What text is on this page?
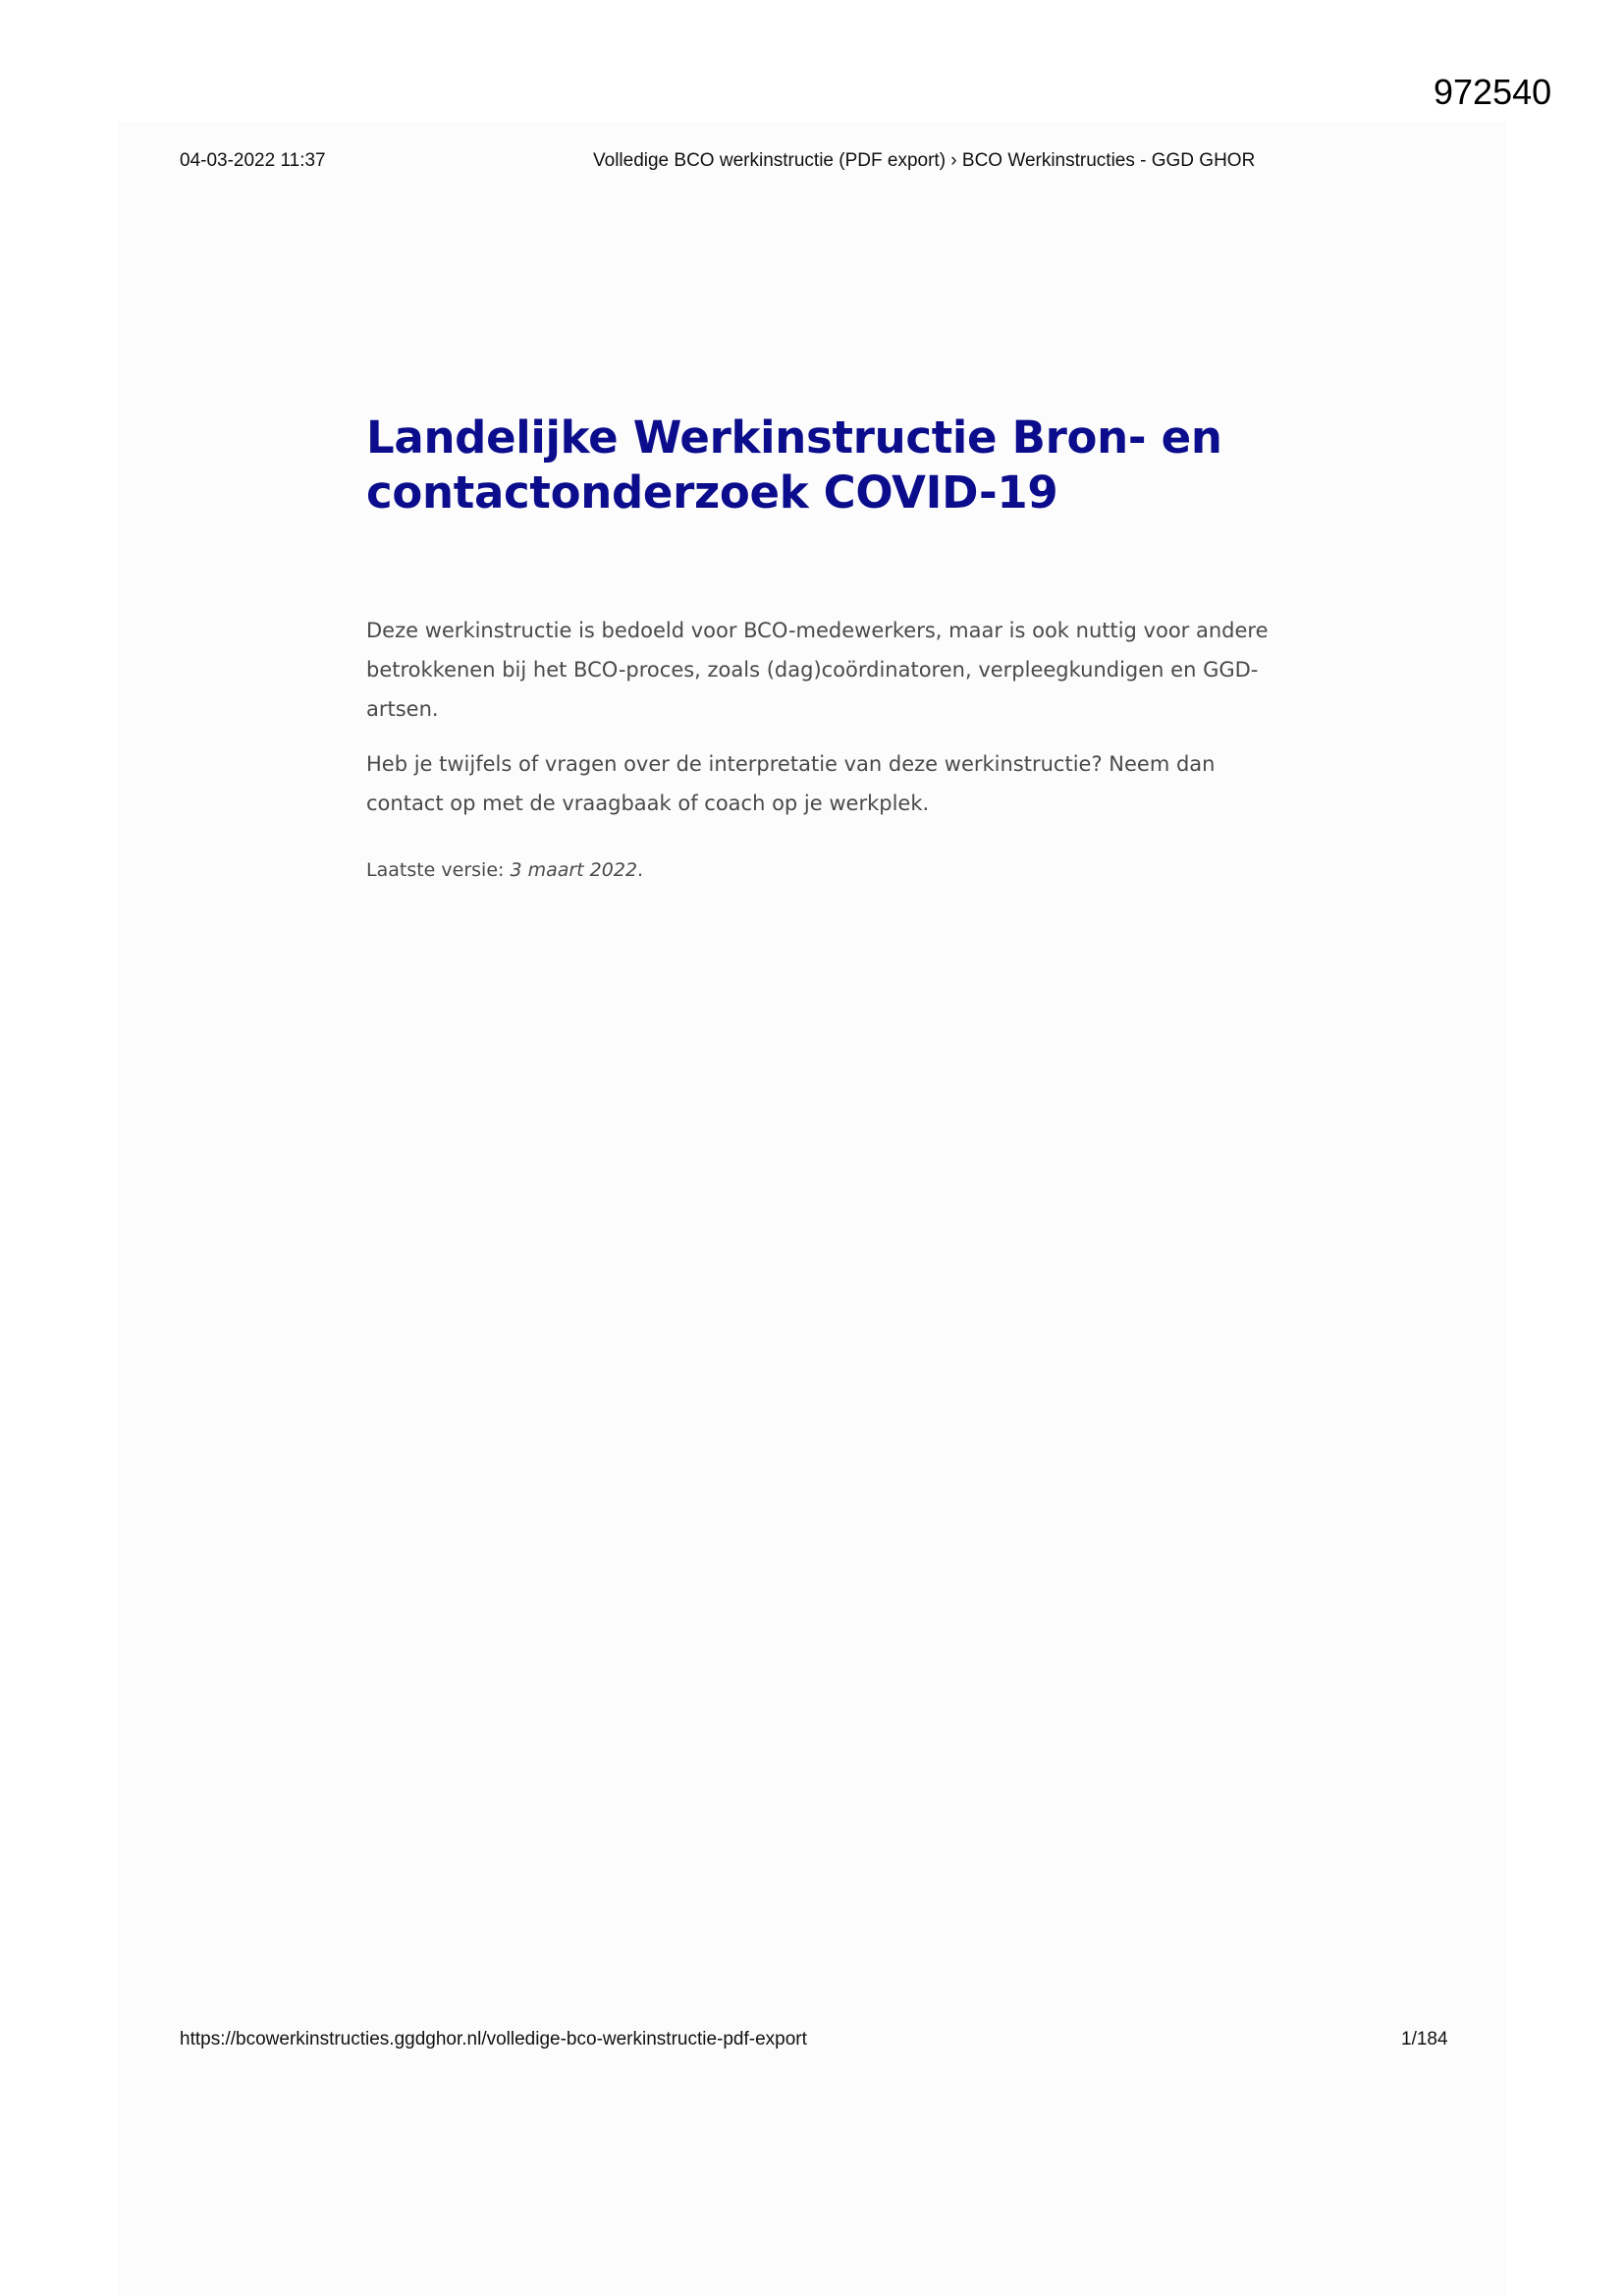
972540
04-03-2022 11:37	Volledige BCO werkinstructie (PDF export) › BCO Werkinstructies - GGD GHOR
Landelijke Werkinstructie Bron- en
contactonderzoek COVID-19

Deze werkinstructie is bedoeld voor BCO-medewerkers, maar is ook nuttig voor andere betrokkenen bij het BCO-proces, zoals (dag)coördinatoren, verpleegkundigen en GGD-artsen.

Heb je twijfels of vragen over de interpretatie van deze werkinstructie? Neem dan contact op met de vraagbaak of coach op je werkplek.

Laatste versie: 3 maart 2022.
https://bcowerkinstructies.ggdghor.nl/volledige-bco-werkinstructie-pdf-export	1/184
